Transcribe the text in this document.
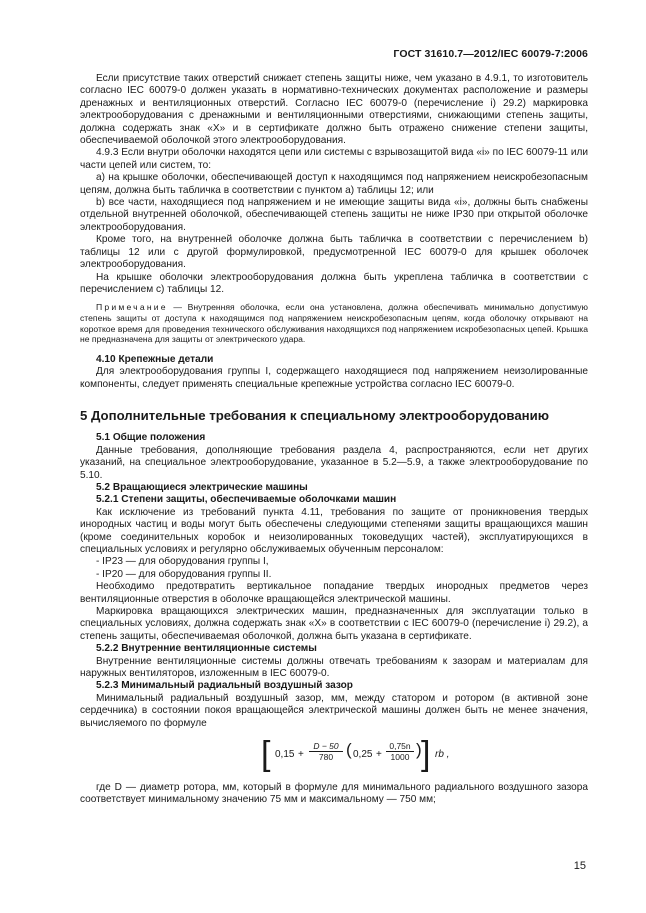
ГОСТ 31610.7—2012/IEC 60079-7:2006

Если присутствие таких отверстий снижает степень защиты ниже, чем указано в 4.9.1, то изготовитель согласно IEC 60079-0 должен указать в нормативно-технических документах расположение и размеры дренажных и вентиляционных отверстий. Согласно IEC 60079-0 (перечисление i) 29.2) маркировка электрооборудования с дренажными и вентиляционными отверстиями, снижающими степень защиты, должна содержать знак «X» и в сертификате должно быть отражено снижение степени защиты, обеспечиваемой оболочкой этого электрооборудования.

4.9.3 Если внутри оболочки находятся цепи или системы с взрывозащитой вида «i» по IEC 60079-11 или части цепей или систем, то:

а) на крышке оболочки, обеспечивающей доступ к находящимся под напряжением неискробезопасным цепям, должна быть табличка в соответствии с пунктом а) таблицы 12; или

b) все части, находящиеся под напряжением и не имеющие защиты вида «i», должны быть снабжены отдельной внутренней оболочкой, обеспечивающей степень защиты не ниже IP30 при открытой оболочке электрооборудования.

Кроме того, на внутренней оболочке должна быть табличка в соответствии с перечислением b) таблицы 12 или с другой формулировкой, предусмотренной IEC 60079-0 для крышек оболочек электрооборудования.

На крышке оболочки электрооборудования должна быть укреплена табличка в соответствии с перечислением с) таблицы 12.

Примечание — Внутренняя оболочка, если она установлена, должна обеспечивать минимально допустимую степень защиты от доступа к находящимся под напряжением неискробезопасным цепям, когда оболочку открывают на короткое время для проведения технического обслуживания находящихся под напряжением искробезопасных цепей. Крышка не предназначена для защиты от электрического удара.

4.10 Крепежные детали

Для электрооборудования группы I, содержащего находящиеся под напряжением неизолированные компоненты, следует применять специальные крепежные устройства согласно IEC 60079-0.

5 Дополнительные требования к специальному электрооборудованию

5.1 Общие положения

Данные требования, дополняющие требования раздела 4, распространяются, если нет других указаний, на специальное электрооборудование, указанное в 5.2—5.9, а также электрооборудование по 5.10.

5.2 Вращающиеся электрические машины

5.2.1 Степени защиты, обеспечиваемые оболочками машин

Как исключение из требований пункта 4.11, требования по защите от проникновения твердых инородных частиц и воды могут быть обеспечены следующими степенями защиты вращающихся машин (кроме соединительных коробок и неизолированных токоведущих частей), эксплуатирующихся в специальных условиях и регулярно обслуживаемых обученным персоналом:

- IP23 — для оборудования группы I,

- IP20 — для оборудования группы II.

Необходимо предотвратить вертикальное попадание твердых инородных предметов через вентиляционные отверстия в оболочке вращающейся электрической машины.

Маркировка вращающихся электрических машин, предназначенных для эксплуатации только в специальных условиях, должна содержать знак «X» в соответствии с IEC 60079-0 (перечисление i) 29.2), а степень защиты, обеспечиваемая оболочкой, должна быть указана в сертификате.

5.2.2 Внутренние вентиляционные системы

Внутренние вентиляционные системы должны отвечать требованиям к зазорам и материалам для наружных вентиляторов, изложенным в IEC 60079-0.

5.2.3 Минимальный радиальный воздушный зазор

Минимальный радиальный воздушный зазор, мм, между статором и ротором (в активной зоне сердечника) в состоянии покоя вращающейся электрической машины должен быть не менее значения, вычисляемого по формуле

[ $0,15 + \frac{D - 50}{780}$ ( $0,25 + \frac{0,75n}{1000}$ ) ] rb ,

где D — диаметр ротора, мм, который в формуле для минимального радиального воздушного зазора соответствует минимальному значению 75 мм и максимальному — 750 мм;

15
